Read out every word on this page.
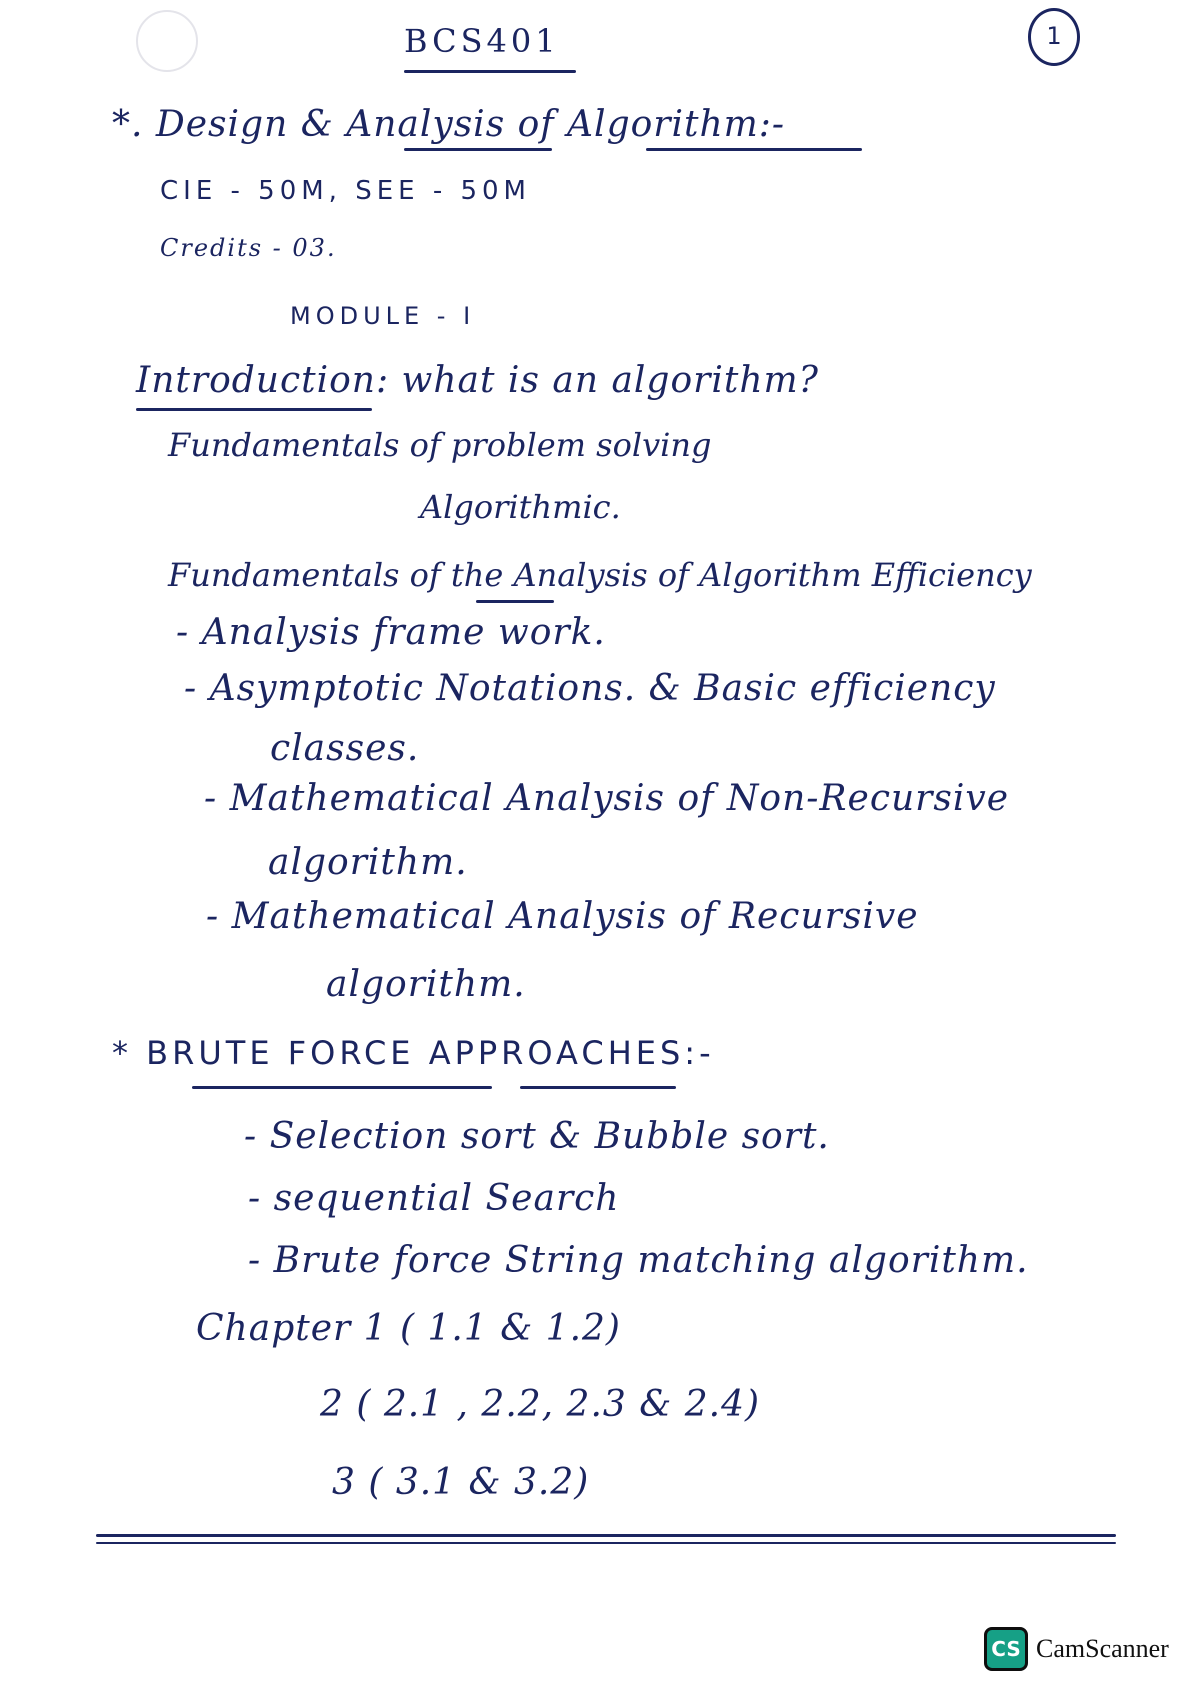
BCS401	1
*. Design & Analysis of Algorithm:-
CIE - 50M, SEE - 50M
Credits - 03.
MODULE - I
Introduction: what is an algorithm?
Fundamentals of problem solving
Algorithmic.
Fundamentals of the Analysis of Algorithm Efficiency
- Analysis frame work.
- Asymptotic Notations. & Basic efficiency
classes.
- Mathematical Analysis of Non-Recursive
algorithm.
- Mathematical Analysis of Recursive
algorithm.
* BRUTE FORCE APPROACHES:-
- Selection sort & Bubble sort.
- sequential Search
- Brute force String matching algorithm.
Chapter 1 ( 1.1 & 1.2)
2 ( 2.1 , 2.2, 2.3 & 2.4)
3 ( 3.1 & 3.2)
CS CamScanner
